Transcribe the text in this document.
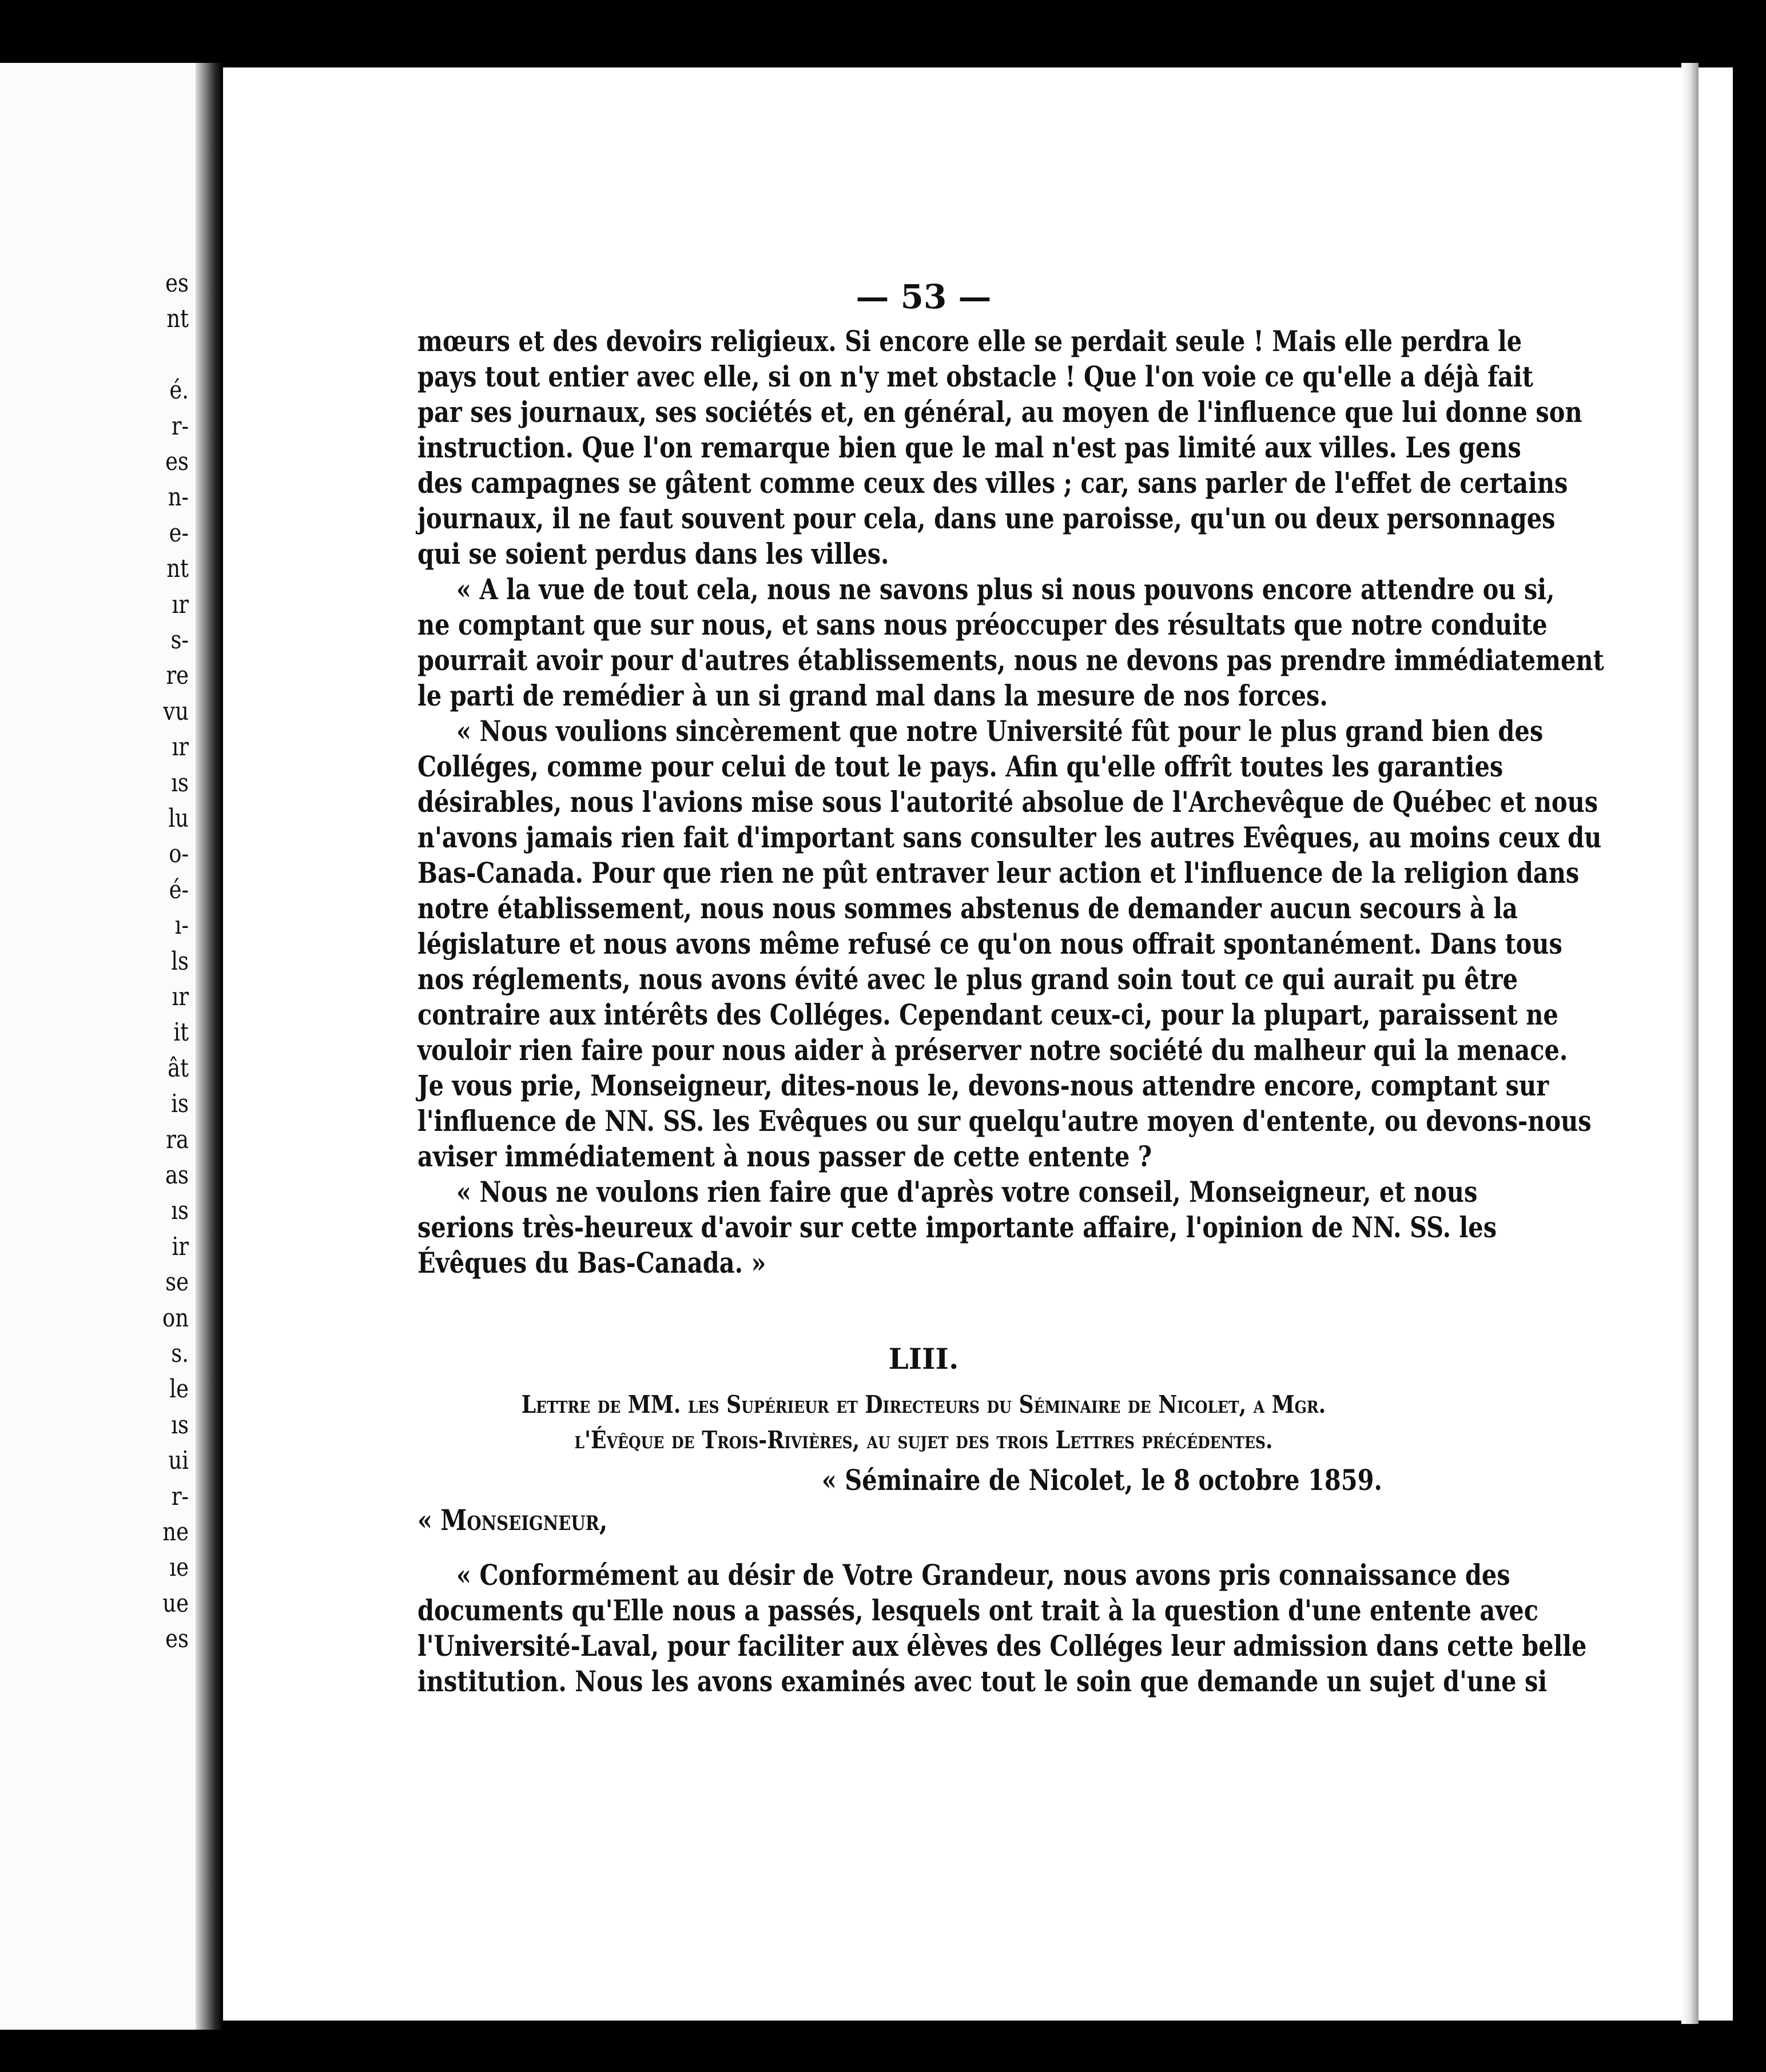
es
nt
é.
r-
es
n-
e-
nt
ır
s-
re
vu
ır
ıs
lu
o-
é-
ı-
ls
ır
it
ât
is
ra
as
ıs
ir
se
on
s.
le
ıs
ui
r-
ne
ıe
ue
es
— 53 —
mœurs et des devoirs religieux. Si encore elle se perdait seule ! Mais elle perdra le
pays tout entier avec elle, si on n'y met obstacle ! Que l'on voie ce qu'elle a déjà fait
par ses journaux, ses sociétés et, en général, au moyen de l'influence que lui donne son
instruction. Que l'on remarque bien que le mal n'est pas limité aux villes. Les gens
des campagnes se gâtent comme ceux des villes ; car, sans parler de l'effet de certains
journaux, il ne faut souvent pour cela, dans une paroisse, qu'un ou deux personnages
qui se soient perdus dans les villes.
« A la vue de tout cela, nous ne savons plus si nous pouvons encore attendre ou si,
ne comptant que sur nous, et sans nous préoccuper des résultats que notre conduite
pourrait avoir pour d'autres établissements, nous ne devons pas prendre immédiatement
le parti de remédier à un si grand mal dans la mesure de nos forces.
« Nous voulions sincèrement que notre Université fût pour le plus grand bien des
Colléges, comme pour celui de tout le pays. Afin qu'elle offrît toutes les garanties
désirables, nous l'avions mise sous l'autorité absolue de l'Archevêque de Québec et nous
n'avons jamais rien fait d'important sans consulter les autres Evêques, au moins ceux du
Bas-Canada. Pour que rien ne pût entraver leur action et l'influence de la religion dans
notre établissement, nous nous sommes abstenus de demander aucun secours à la
législature et nous avons même refusé ce qu'on nous offrait spontanément. Dans tous
nos réglements, nous avons évité avec le plus grand soin tout ce qui aurait pu être
contraire aux intérêts des Colléges. Cependant ceux-ci, pour la plupart, paraissent ne
vouloir rien faire pour nous aider à préserver notre société du malheur qui la menace.
Je vous prie, Monseigneur, dites-nous le, devons-nous attendre encore, comptant sur
l'influence de NN. SS. les Evêques ou sur quelqu'autre moyen d'entente, ou devons-nous
aviser immédiatement à nous passer de cette entente ?
« Nous ne voulons rien faire que d'après votre conseil, Monseigneur, et nous
serions très-heureux d'avoir sur cette importante affaire, l'opinion de NN. SS. les
Évêques du Bas-Canada. »
LIII.
Lettre de MM. les Supérieur et Directeurs du Séminaire de Nicolet, a Mgr.
l'Évêque de Trois-Rivières, au sujet des trois Lettres précédentes.
« Séminaire de Nicolet, le 8 octobre 1859.
« Monseigneur,
« Conformément au désir de Votre Grandeur, nous avons pris connaissance des
documents qu'Elle nous a passés, lesquels ont trait à la question d'une entente avec
l'Université-Laval, pour faciliter aux élèves des Colléges leur admission dans cette belle
institution. Nous les avons examinés avec tout le soin que demande un sujet d'une si
